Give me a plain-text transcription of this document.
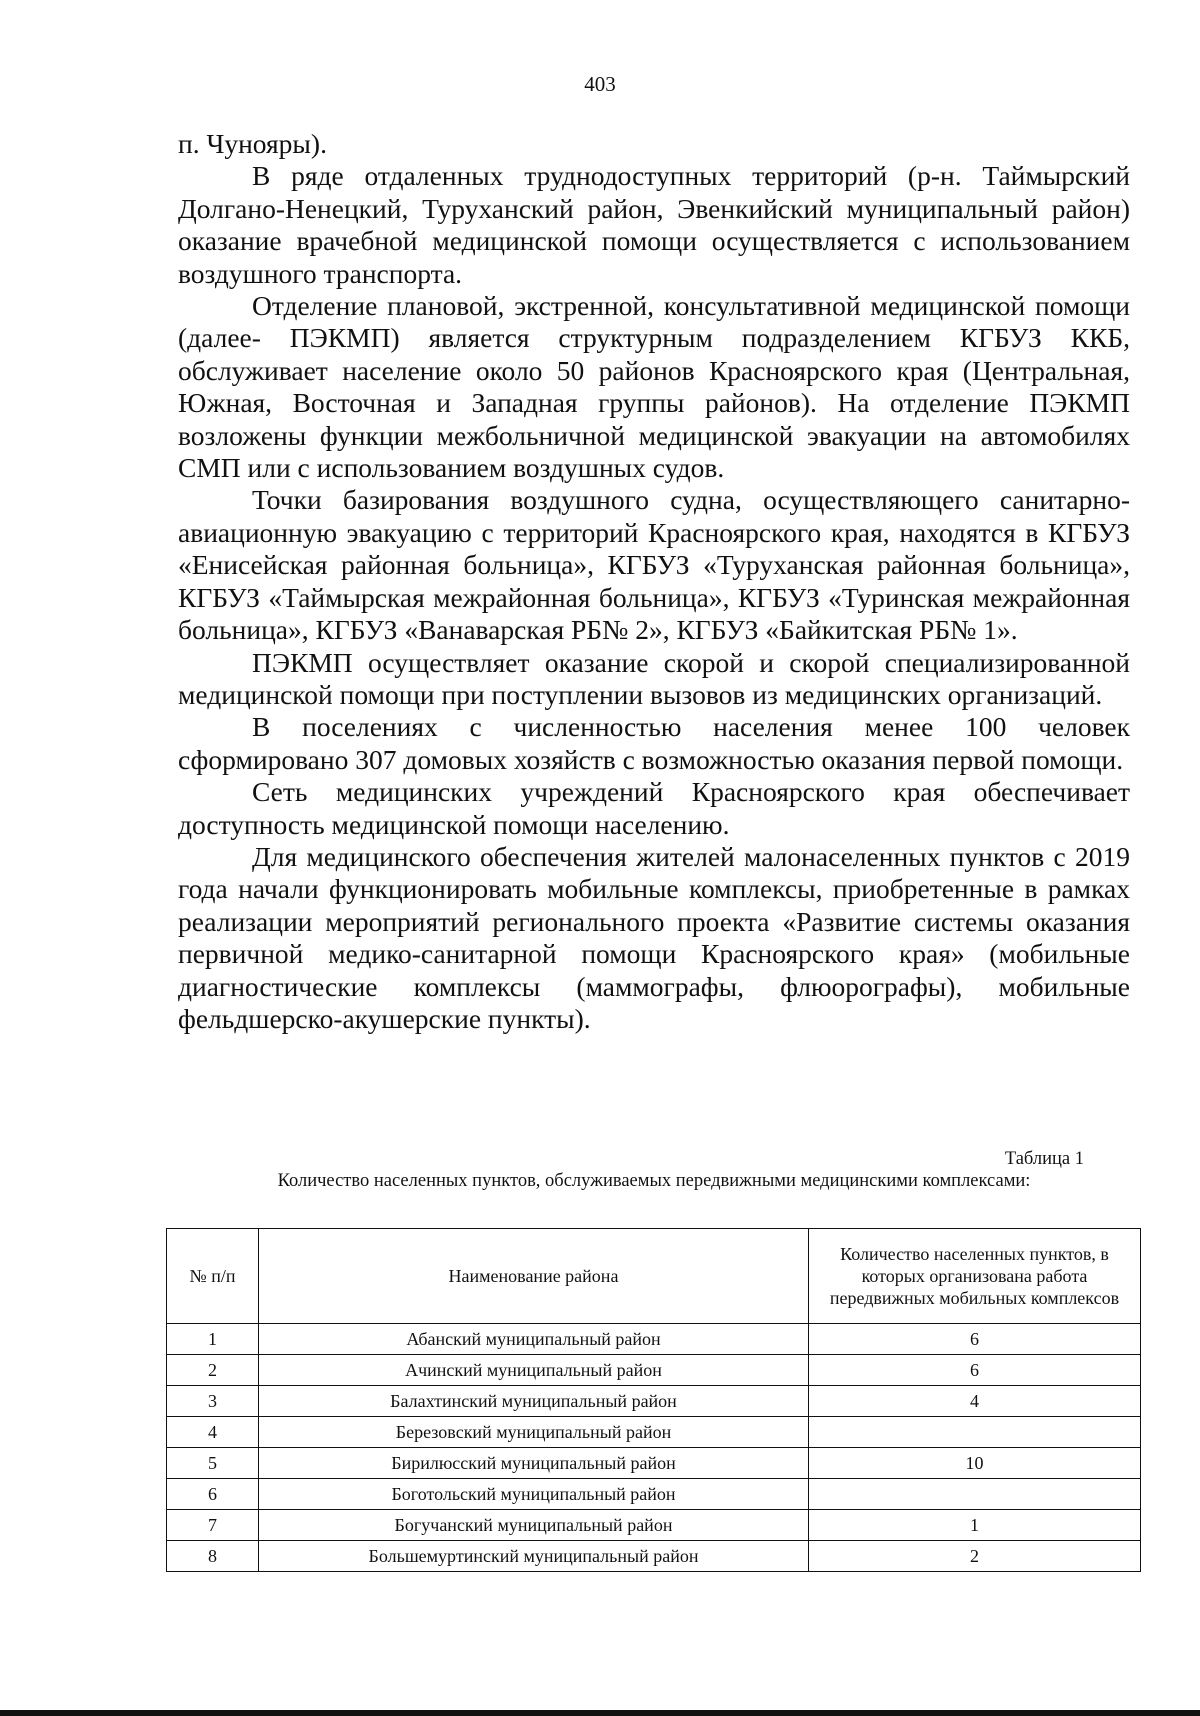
403

п. Чунояры).

В ряде отдаленных труднодоступных территорий (р-н. Таймырский Долгано-Ненецкий, Туруханский район, Эвенкийский муниципальный район) оказание врачебной медицинской помощи осуществляется с использованием воздушного транспорта.

Отделение плановой, экстренной, консультативной медицинской помощи (далее- ПЭКМП) является структурным подразделением КГБУЗ ККБ, обслуживает население около 50 районов Красноярского края (Центральная, Южная, Восточная и Западная группы районов). На отделение ПЭКМП возложены функции межбольничной медицинской эвакуации на автомобилях СМП или с использованием воздушных судов.

Точки базирования воздушного судна, осуществляющего санитарно-авиационную эвакуацию с территорий Красноярского края, находятся в КГБУЗ «Енисейская районная больница», КГБУЗ «Туруханская районная больница», КГБУЗ «Таймырская межрайонная больница», КГБУЗ «Туринская межрайонная больница», КГБУЗ «Ванаварская РБ№ 2», КГБУЗ «Байкитская РБ№ 1».

ПЭКМП осуществляет оказание скорой и скорой специализированной медицинской помощи при поступлении вызовов из медицинских организаций.

В поселениях с численностью населения менее 100 человек сформировано 307 домовых хозяйств с возможностью оказания первой помощи.

Сеть медицинских учреждений Красноярского края обеспечивает доступность медицинской помощи населению.

Для медицинского обеспечения жителей малонаселенных пунктов с 2019 года начали функционировать мобильные комплексы, приобретенные в рамках реализации мероприятий регионального проекта «Развитие системы оказания первичной медико-санитарной помощи Красноярского края» (мобильные диагностические комплексы (маммографы, флюорографы), мобильные фельдшерско-акушерские пункты).

Таблица 1
Количество населенных пунктов, обслуживаемых передвижными медицинскими комплексами:
№ п/п	Наименование района	Количество населенных пунктов, в которых организована работа передвижных мобильных комплексов
1	Абанский муниципальный район	6
2	Ачинский муниципальный район	6
3	Балахтинский муниципальный район	4
4	Березовский муниципальный район	
5	Бирилюсский муниципальный район	10
6	Боготольский муниципальный район	
7	Богучанский муниципальный район	1
8	Большемуртинский муниципальный район	2
